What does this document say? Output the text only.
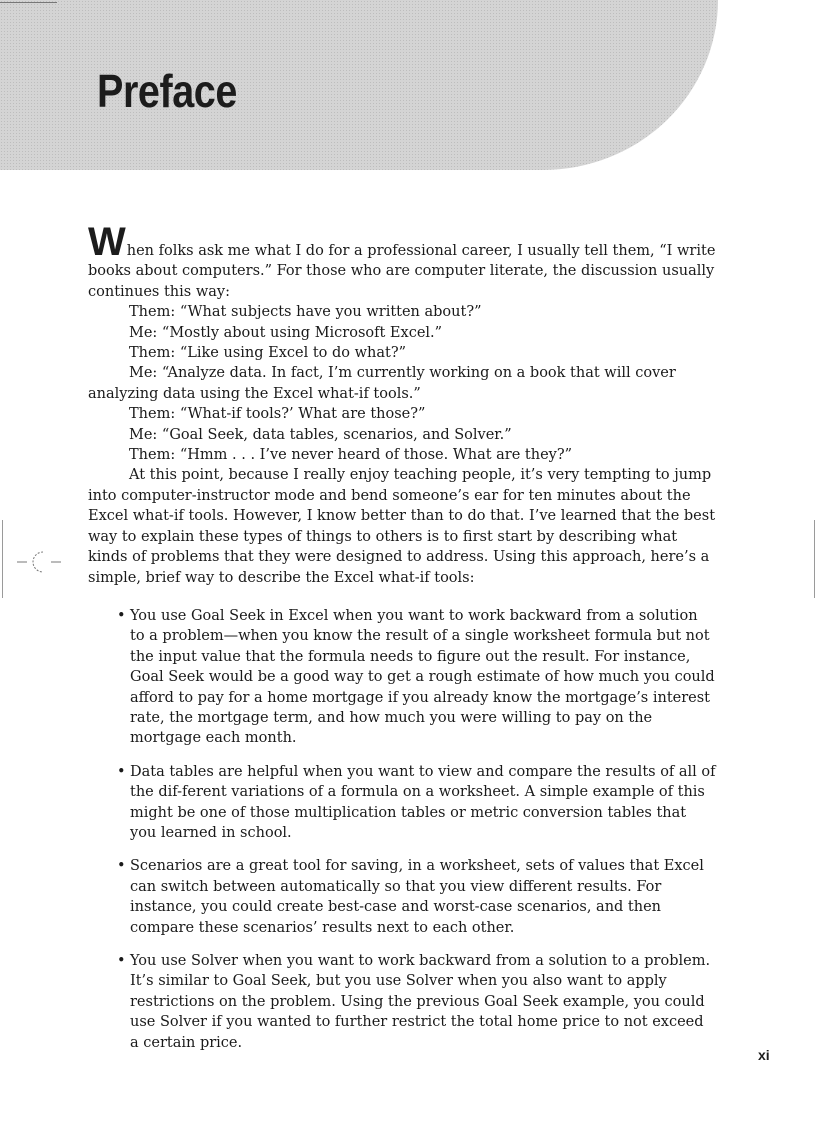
Preface

When folks ask me what I do for a professional career, I usually tell them, “I write books about computers.” For those who are computer literate, the discussion usually continues this way:

Them: “What subjects have you written about?”

Me: “Mostly about using Microsoft Excel.”

Them: “Like using Excel to do what?”

Me: “Analyze data. In fact, I’m currently working on a book that will cover analyzing data using the Excel what-if tools.”

Them: “What-if tools?’ What are those?”

Me: “Goal Seek, data tables, scenarios, and Solver.”

Them: “Hmm . . . I’ve never heard of those. What are they?”

At this point, because I really enjoy teaching people, it’s very tempting to jump into computer-instructor mode and bend someone’s ear for ten minutes about the Excel what-if tools. However, I know better than to do that. I’ve learned that the best way to explain these types of things to others is to first start by describing what kinds of problems that they were designed to address. Using this approach, here’s a simple, brief way to describe the Excel what-if tools:

• You use Goal Seek in Excel when you want to work backward from a solution to a problem—when you know the result of a single worksheet formula but not the input value that the formula needs to figure out the result. For instance, Goal Seek would be a good way to get a rough estimate of how much you could afford to pay for a home mortgage if you already know the mortgage’s interest rate, the mortgage term, and how much you were willing to pay on the mortgage each month.
• Data tables are helpful when you want to view and compare the results of all of the dif-ferent variations of a formula on a worksheet. A simple example of this might be one of those multiplication tables or metric conversion tables that you learned in school.
• Scenarios are a great tool for saving, in a worksheet, sets of values that Excel can switch between automatically so that you view different results. For instance, you could create best-case and worst-case scenarios, and then compare these scenarios’ results next to each other.
• You use Solver when you want to work backward from a solution to a problem. It’s similar to Goal Seek, but you use Solver when you also want to apply restrictions on the problem. Using the previous Goal Seek example, you could use Solver if you wanted to further restrict the total home price to not exceed a certain price.
xi
